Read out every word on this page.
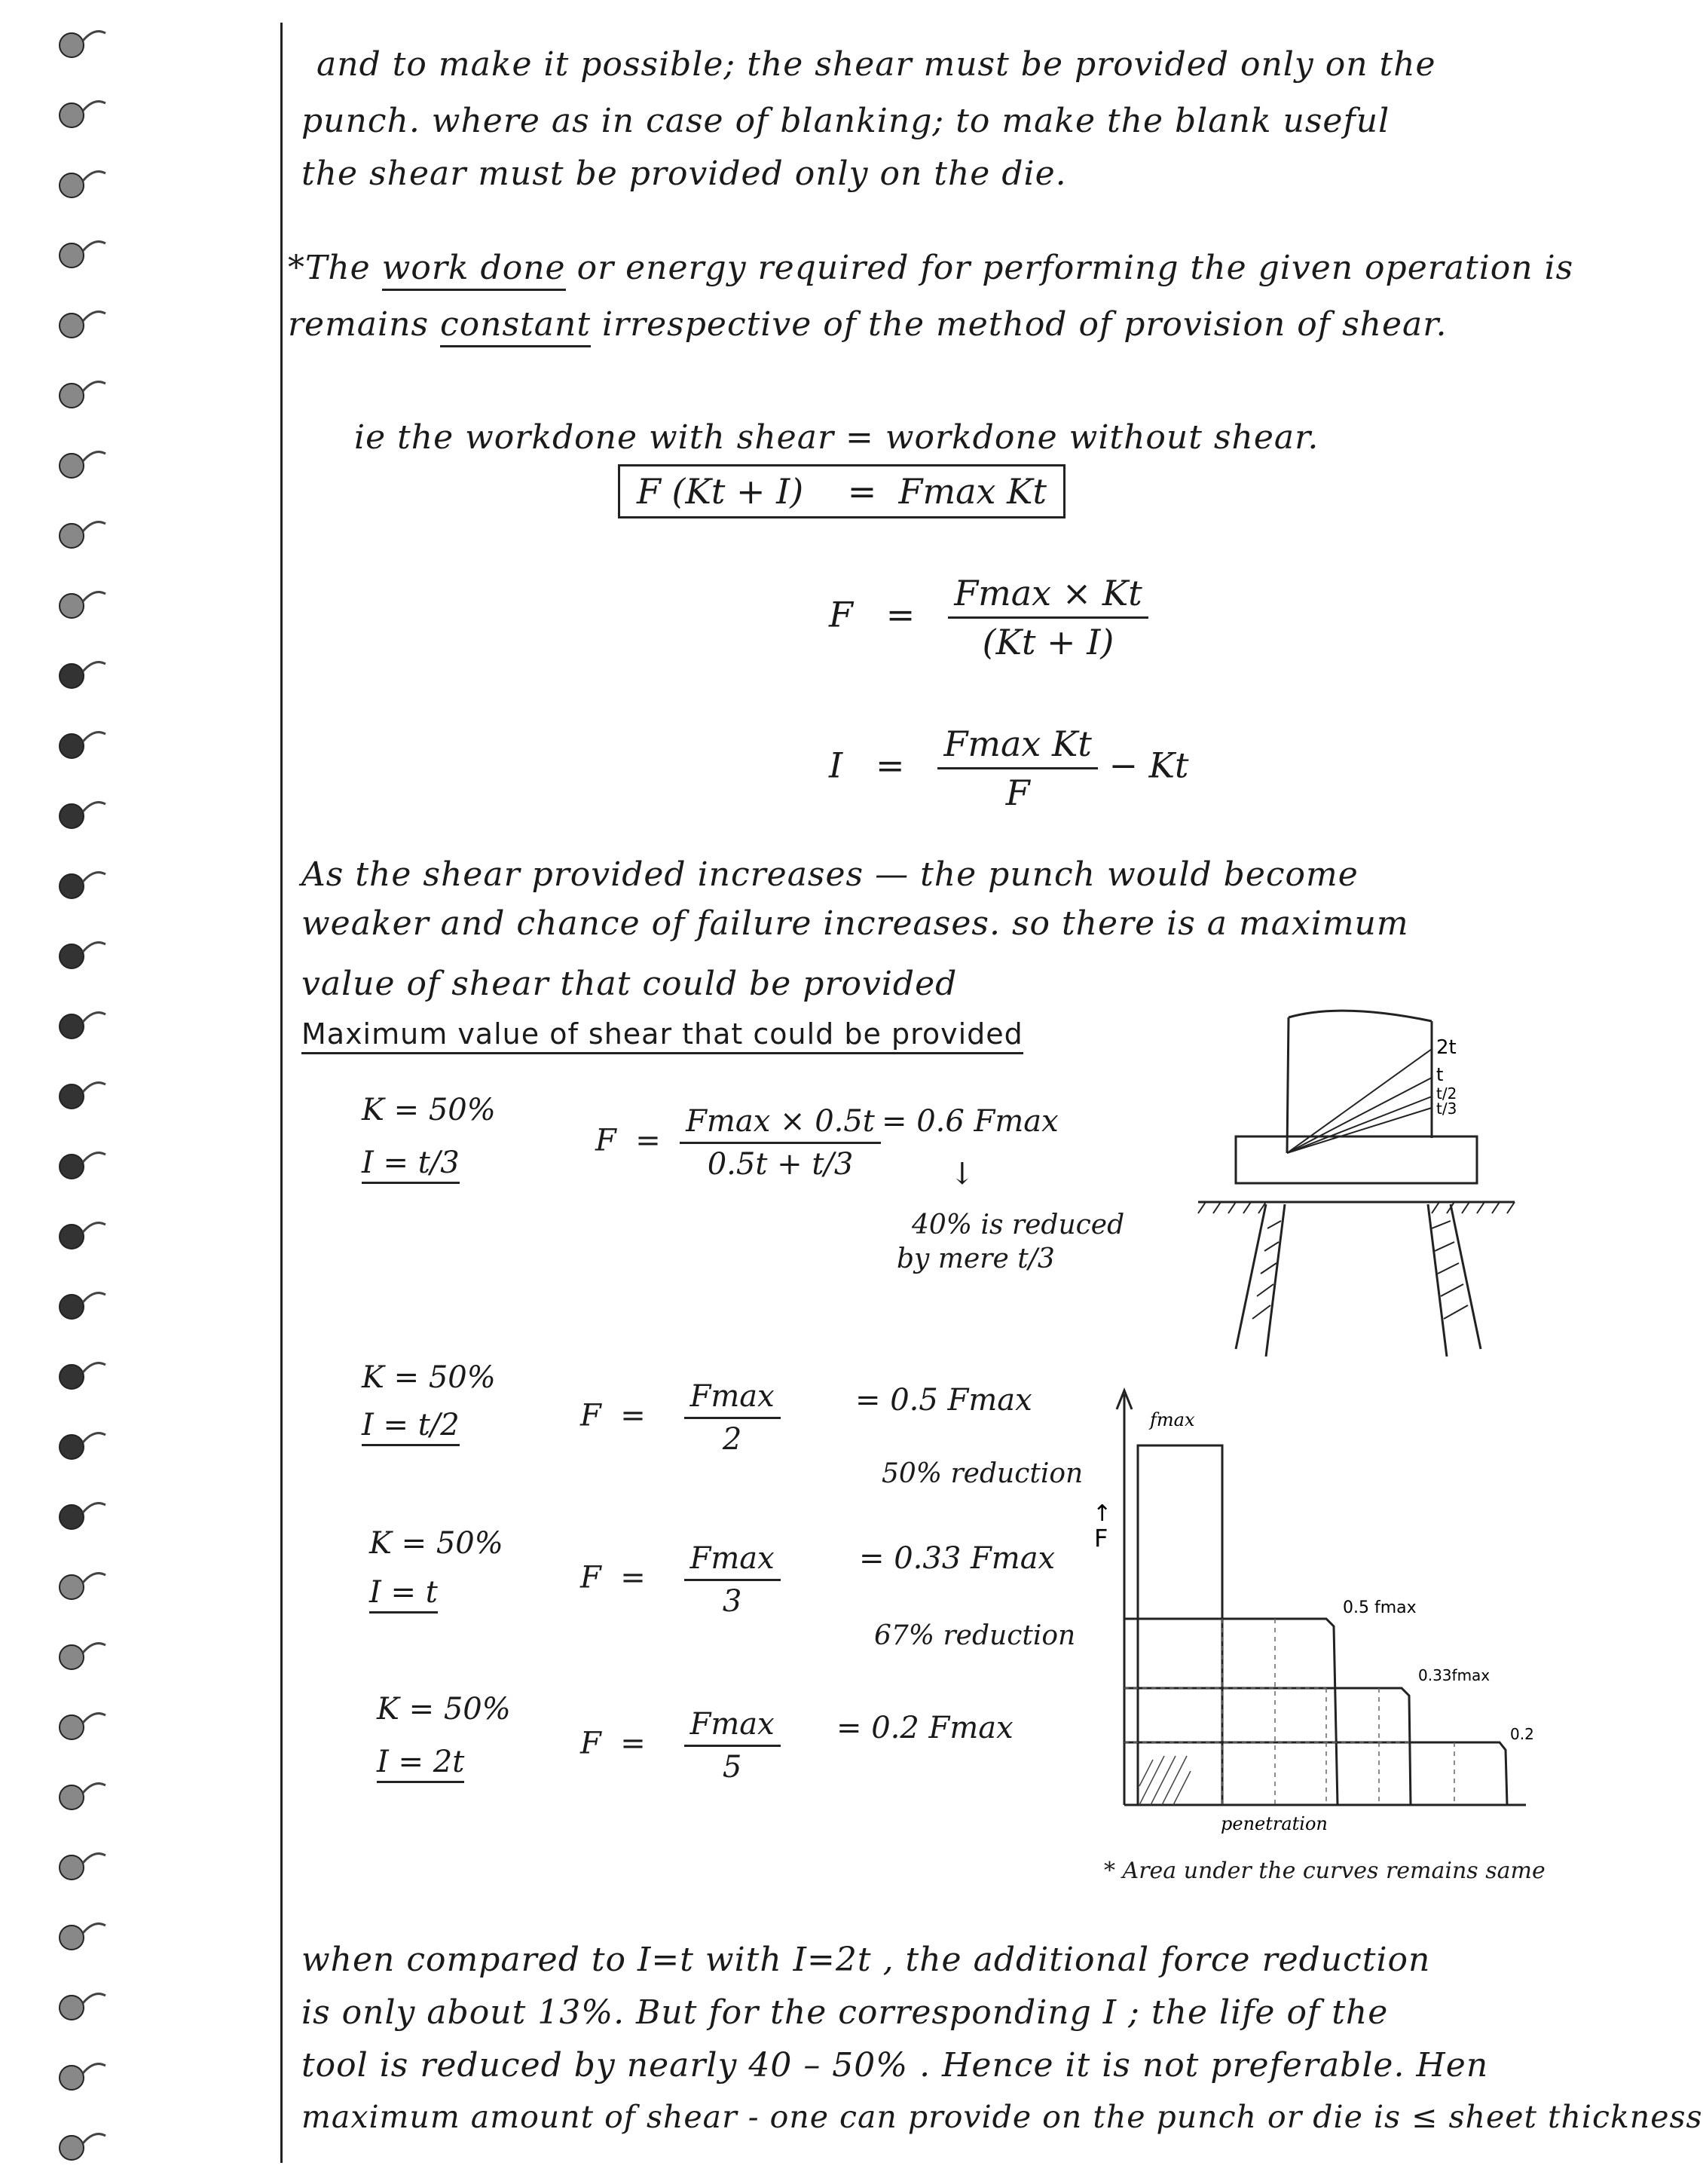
and to make it possible; the shear must be provided only on the
punch. where as in case of blanking; to make the blank useful
the shear must be provided only on the die.
*The work done or energy required for performing the given operation is
remains constant irrespective of the method of provision of shear.
ie the workdone with shear = workdone without shear.
F (Kt + I) = Fmax Kt
$F = \frac{Fmax \times Kt}{(Kt + I)}$
$I = \frac{\text{Fmax Kt}}{F} - Kt$
As the shear provided increases — the punch would become
weaker and chance of failure increases. so there is a maximum
value of shear that could be provided
Maximum value of shear that could be provided
K = 50%
I = t/3
$F = \frac{Fmax \times 0.5t}{0.5t + t/3} = 0.6$ Fmax
↓
40% is reduced
by mere t/3
K = 50%
I = t/2	$F = \frac{Fmax}{2} = 0.5$ Fmax
50% reduction
K = 50%
I = t	$F = \frac{Fmax}{3}$	= 0.33 Fmax
67% reduction
K = 50%
I = 2t
$F = \frac{Fmax}{5} = 0.2$ Fmax
2t
t
t/2
t/3
fmax
0.5 fmax
0.33fmax
0.2
↑
F
penetration
* Area under the curves remains same
when compared to I=t with I=2t , the additional force reduction
is only about 13%. But for the corresponding I ; the life of the
tool is reduced by nearly 40 – 50% . Hence it is not preferable. Hen
maximum amount of shear - one can provide on the punch or die is ≤ sheet thickness
